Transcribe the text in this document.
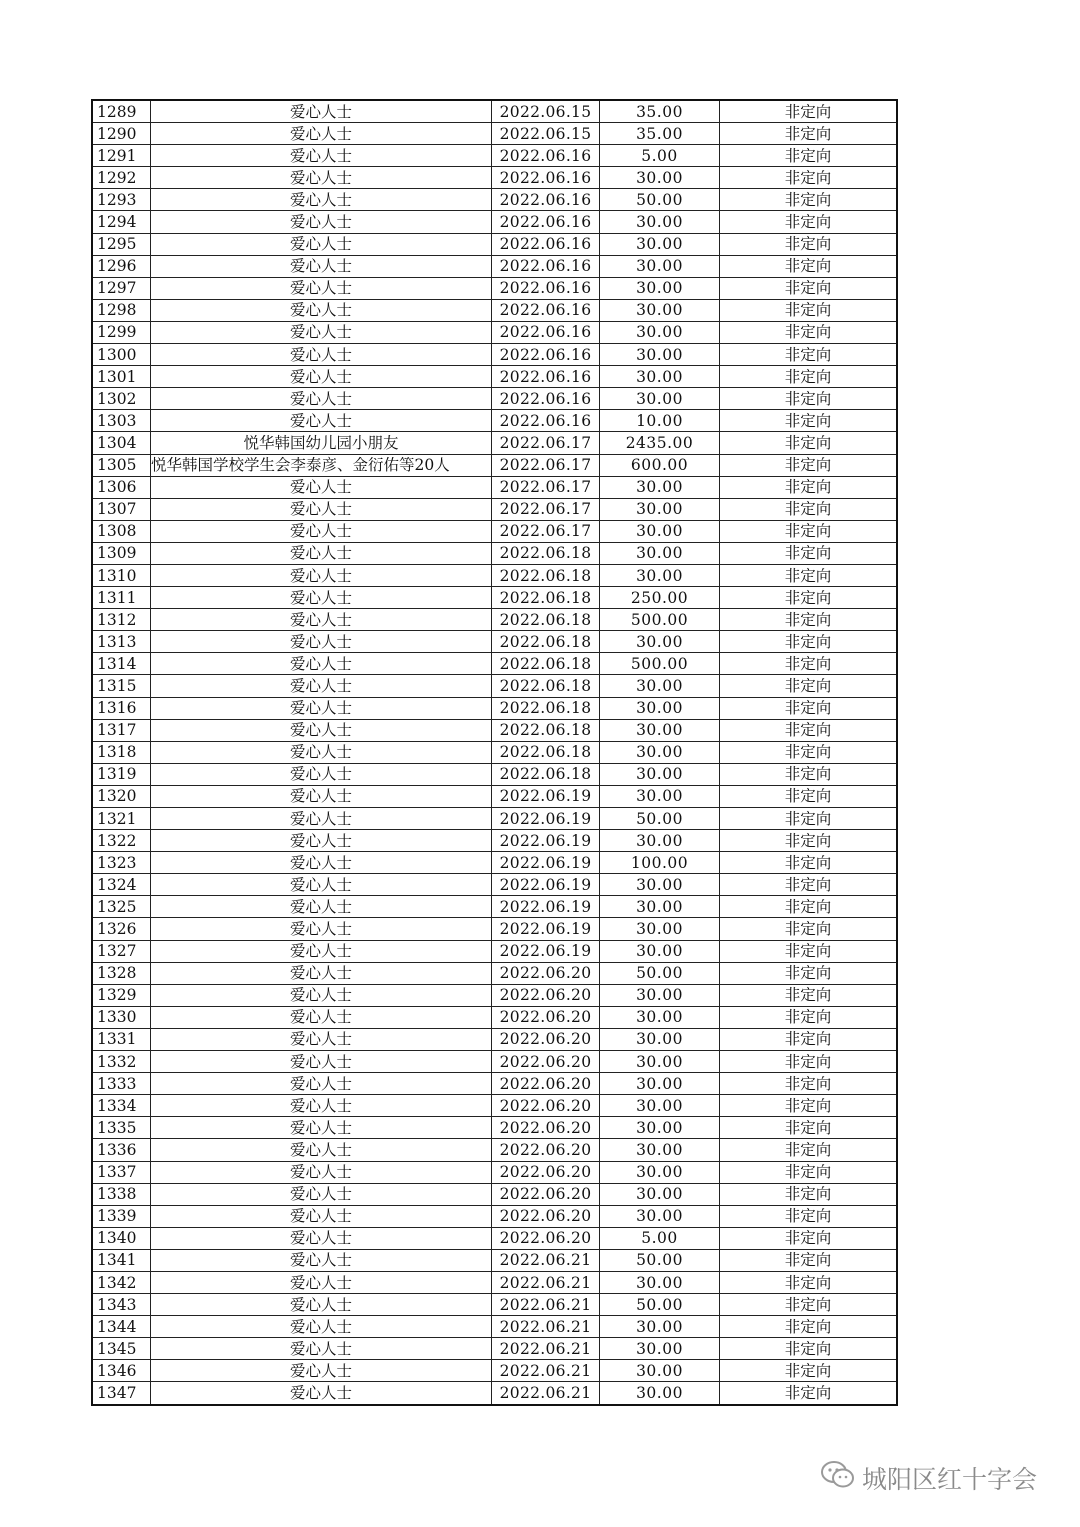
1289	爱心人士	2022.06.15	35.00	非定向
1290	爱心人士	2022.06.15	35.00	非定向
1291	爱心人士	2022.06.16	5.00	非定向
1292	爱心人士	2022.06.16	30.00	非定向
1293	爱心人士	2022.06.16	50.00	非定向
1294	爱心人士	2022.06.16	30.00	非定向
1295	爱心人士	2022.06.16	30.00	非定向
1296	爱心人士	2022.06.16	30.00	非定向
1297	爱心人士	2022.06.16	30.00	非定向
1298	爱心人士	2022.06.16	30.00	非定向
1299	爱心人士	2022.06.16	30.00	非定向
1300	爱心人士	2022.06.16	30.00	非定向
1301	爱心人士	2022.06.16	30.00	非定向
1302	爱心人士	2022.06.16	30.00	非定向
1303	爱心人士	2022.06.16	10.00	非定向
1304	悦华韩国幼儿园小朋友	2022.06.17	2435.00	非定向
1305	悦华韩国学校学生会李泰彦、金衍佑等20人	2022.06.17	600.00	非定向
1306	爱心人士	2022.06.17	30.00	非定向
1307	爱心人士	2022.06.17	30.00	非定向
1308	爱心人士	2022.06.17	30.00	非定向
1309	爱心人士	2022.06.18	30.00	非定向
1310	爱心人士	2022.06.18	30.00	非定向
1311	爱心人士	2022.06.18	250.00	非定向
1312	爱心人士	2022.06.18	500.00	非定向
1313	爱心人士	2022.06.18	30.00	非定向
1314	爱心人士	2022.06.18	500.00	非定向
1315	爱心人士	2022.06.18	30.00	非定向
1316	爱心人士	2022.06.18	30.00	非定向
1317	爱心人士	2022.06.18	30.00	非定向
1318	爱心人士	2022.06.18	30.00	非定向
1319	爱心人士	2022.06.18	30.00	非定向
1320	爱心人士	2022.06.19	30.00	非定向
1321	爱心人士	2022.06.19	50.00	非定向
1322	爱心人士	2022.06.19	30.00	非定向
1323	爱心人士	2022.06.19	100.00	非定向
1324	爱心人士	2022.06.19	30.00	非定向
1325	爱心人士	2022.06.19	30.00	非定向
1326	爱心人士	2022.06.19	30.00	非定向
1327	爱心人士	2022.06.19	30.00	非定向
1328	爱心人士	2022.06.20	50.00	非定向
1329	爱心人士	2022.06.20	30.00	非定向
1330	爱心人士	2022.06.20	30.00	非定向
1331	爱心人士	2022.06.20	30.00	非定向
1332	爱心人士	2022.06.20	30.00	非定向
1333	爱心人士	2022.06.20	30.00	非定向
1334	爱心人士	2022.06.20	30.00	非定向
1335	爱心人士	2022.06.20	30.00	非定向
1336	爱心人士	2022.06.20	30.00	非定向
1337	爱心人士	2022.06.20	30.00	非定向
1338	爱心人士	2022.06.20	30.00	非定向
1339	爱心人士	2022.06.20	30.00	非定向
1340	爱心人士	2022.06.20	5.00	非定向
1341	爱心人士	2022.06.21	50.00	非定向
1342	爱心人士	2022.06.21	30.00	非定向
1343	爱心人士	2022.06.21	50.00	非定向
1344	爱心人士	2022.06.21	30.00	非定向
1345	爱心人士	2022.06.21	30.00	非定向
1346	爱心人士	2022.06.21	30.00	非定向
1347	爱心人士	2022.06.21	30.00	非定向
城阳区红十字会
